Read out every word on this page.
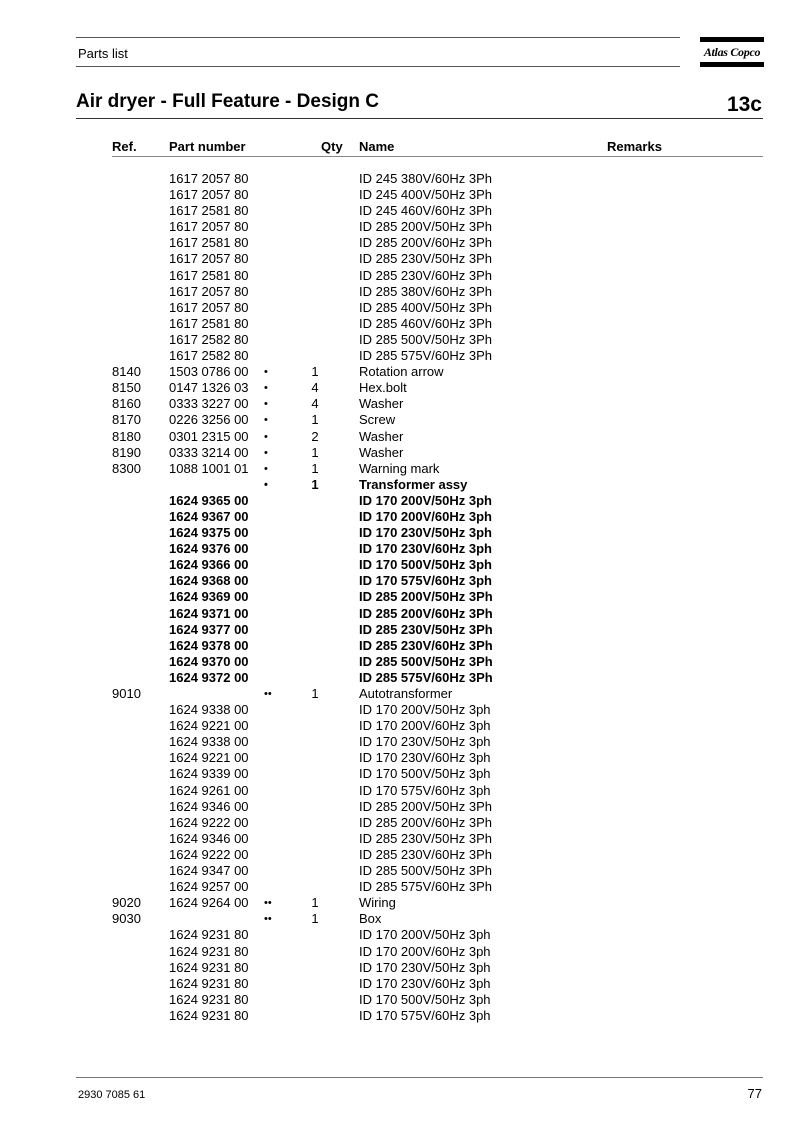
Parts list	Atlas Copco
Air dryer - Full Feature - Design C	13c
Ref. Part number	Qty Name	Remarks
1617 2057 80	ID 245 380V/60Hz 3Ph
1617 2057 80	ID 245 400V/50Hz 3Ph
1617 2581 80	ID 245 460V/60Hz 3Ph
1617 2057 80	ID 285 200V/50Hz 3Ph
1617 2581 80	ID 285 200V/60Hz 3Ph
1617 2057 80	ID 285 230V/50Hz 3Ph
1617 2581 80	ID 285 230V/60Hz 3Ph
1617 2057 80	ID 285 380V/60Hz 3Ph
1617 2057 80	ID 285 400V/50Hz 3Ph
1617 2581 80	ID 285 460V/60Hz 3Ph
1617 2582 80	ID 285 500V/50Hz 3Ph
1617 2582 80	ID 285 575V/60Hz 3Ph
8140 1503 0786 00 •	1	Rotation arrow
8150 0147 1326 03 •	4	Hex.bolt
8160 0333 3227 00 •	4	Washer
8170 0226 3256 00 •	1	Screw
8180 0301 2315 00 •	2	Washer
8190 0333 3214 00 •	1	Washer
8300 1088 1001 01 •	1	Warning mark
•	1	Transformer assy
1624 9365 00	ID 170 200V/50Hz 3ph
1624 9367 00	ID 170 200V/60Hz 3ph
1624 9375 00	ID 170 230V/50Hz 3ph
1624 9376 00	ID 170 230V/60Hz 3ph
1624 9366 00	ID 170 500V/50Hz 3ph
1624 9368 00	ID 170 575V/60Hz 3ph
1624 9369 00	ID 285 200V/50Hz 3Ph
1624 9371 00	ID 285 200V/60Hz 3Ph
1624 9377 00	ID 285 230V/50Hz 3Ph
1624 9378 00	ID 285 230V/60Hz 3Ph
1624 9370 00	ID 285 500V/50Hz 3Ph
1624 9372 00	ID 285 575V/60Hz 3Ph
9010	••	1	Autotransformer
1624 9338 00	ID 170 200V/50Hz 3ph
1624 9221 00	ID 170 200V/60Hz 3ph
1624 9338 00	ID 170 230V/50Hz 3ph
1624 9221 00	ID 170 230V/60Hz 3ph
1624 9339 00	ID 170 500V/50Hz 3ph
1624 9261 00	ID 170 575V/60Hz 3ph
1624 9346 00	ID 285 200V/50Hz 3Ph
1624 9222 00	ID 285 200V/60Hz 3Ph
1624 9346 00	ID 285 230V/50Hz 3Ph
1624 9222 00	ID 285 230V/60Hz 3Ph
1624 9347 00	ID 285 500V/50Hz 3Ph
1624 9257 00	ID 285 575V/60Hz 3Ph
9020 1624 9264 00 ••	1	Wiring
9030	••	1	Box
1624 9231 80	ID 170 200V/50Hz 3ph
1624 9231 80	ID 170 200V/60Hz 3ph
1624 9231 80	ID 170 230V/50Hz 3ph
1624 9231 80	ID 170 230V/60Hz 3ph
1624 9231 80	ID 170 500V/50Hz 3ph
1624 9231 80	ID 170 575V/60Hz 3ph
2930 7085 61	77
